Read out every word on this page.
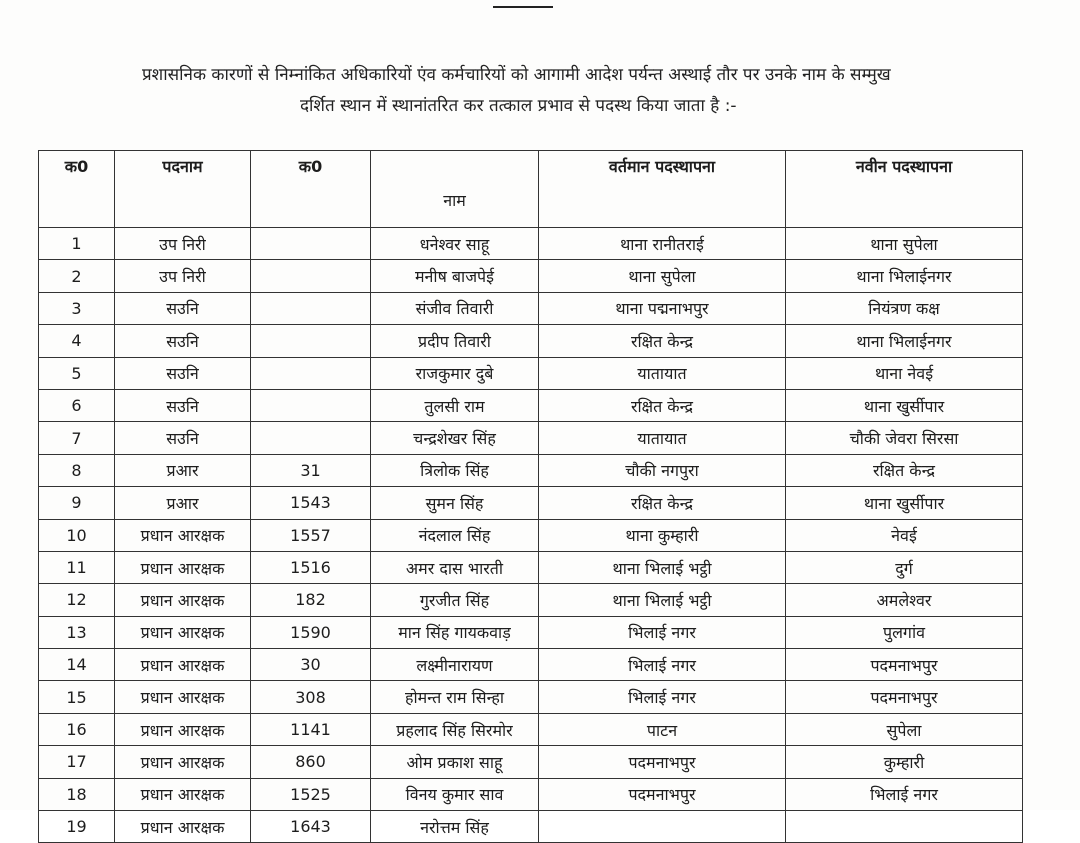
प्रशासनिक कारणों से निम्नांकित अधिकारियों एंव कर्मचारियों को आगामी आदेश पर्यन्त अस्थाई तौर पर उनके नाम के सम्मुख
दर्शित स्थान में स्थानांतरित कर तत्काल प्रभाव से पदस्थ किया जाता है :-
क0	पदनाम	क0	नाम	वर्तमान पदस्थापना	नवीन पदस्थापना
1	उप निरी		धनेश्वर साहू	थाना रानीतराई	थाना सुपेला
2	उप निरी		मनीष बाजपेई	थाना सुपेला	थाना भिलाईनगर
3	सउनि		संजीव तिवारी	थाना पद्मनाभपुर	नियंत्रण कक्ष
4	सउनि		प्रदीप तिवारी	रक्षित केन्द्र	थाना भिलाईनगर
5	सउनि		राजकुमार दुबे	यातायात	थाना नेवई
6	सउनि		तुलसी राम	रक्षित केन्द्र	थाना खुर्सीपार
7	सउनि		चन्द्रशेखर सिंह	यातायात	चौकी जेवरा सिरसा
8	प्रआर	31	त्रिलोक सिंह	चौकी नगपुरा	रक्षित केन्द्र
9	प्रआर	1543	सुमन सिंह	रक्षित केन्द्र	थाना खुर्सीपार
10	प्रधान आरक्षक	1557	नंदलाल सिंह	थाना कुम्हारी	नेवई
11	प्रधान आरक्षक	1516	अमर दास भारती	थाना भिलाई भट्ठी	दुर्ग
12	प्रधान आरक्षक	182	गुरजीत सिंह	थाना भिलाई भट्ठी	अमलेश्वर
13	प्रधान आरक्षक	1590	मान सिंह गायकवाड़	भिलाई नगर	पुलगांव
14	प्रधान आरक्षक	30	लक्ष्मीनारायण	भिलाई नगर	पदमनाभपुर
15	प्रधान आरक्षक	308	होमन्त राम सिन्हा	भिलाई नगर	पदमनाभपुर
16	प्रधान आरक्षक	1141	प्रहलाद सिंह सिरमोर	पाटन	सुपेला
17	प्रधान आरक्षक	860	ओम प्रकाश साहू	पदमनाभपुर	कुम्हारी
18	प्रधान आरक्षक	1525	विनय कुमार साव	पदमनाभपुर	भिलाई नगर
19	प्रधान आरक्षक	1643	नरोत्तम सिंह		
